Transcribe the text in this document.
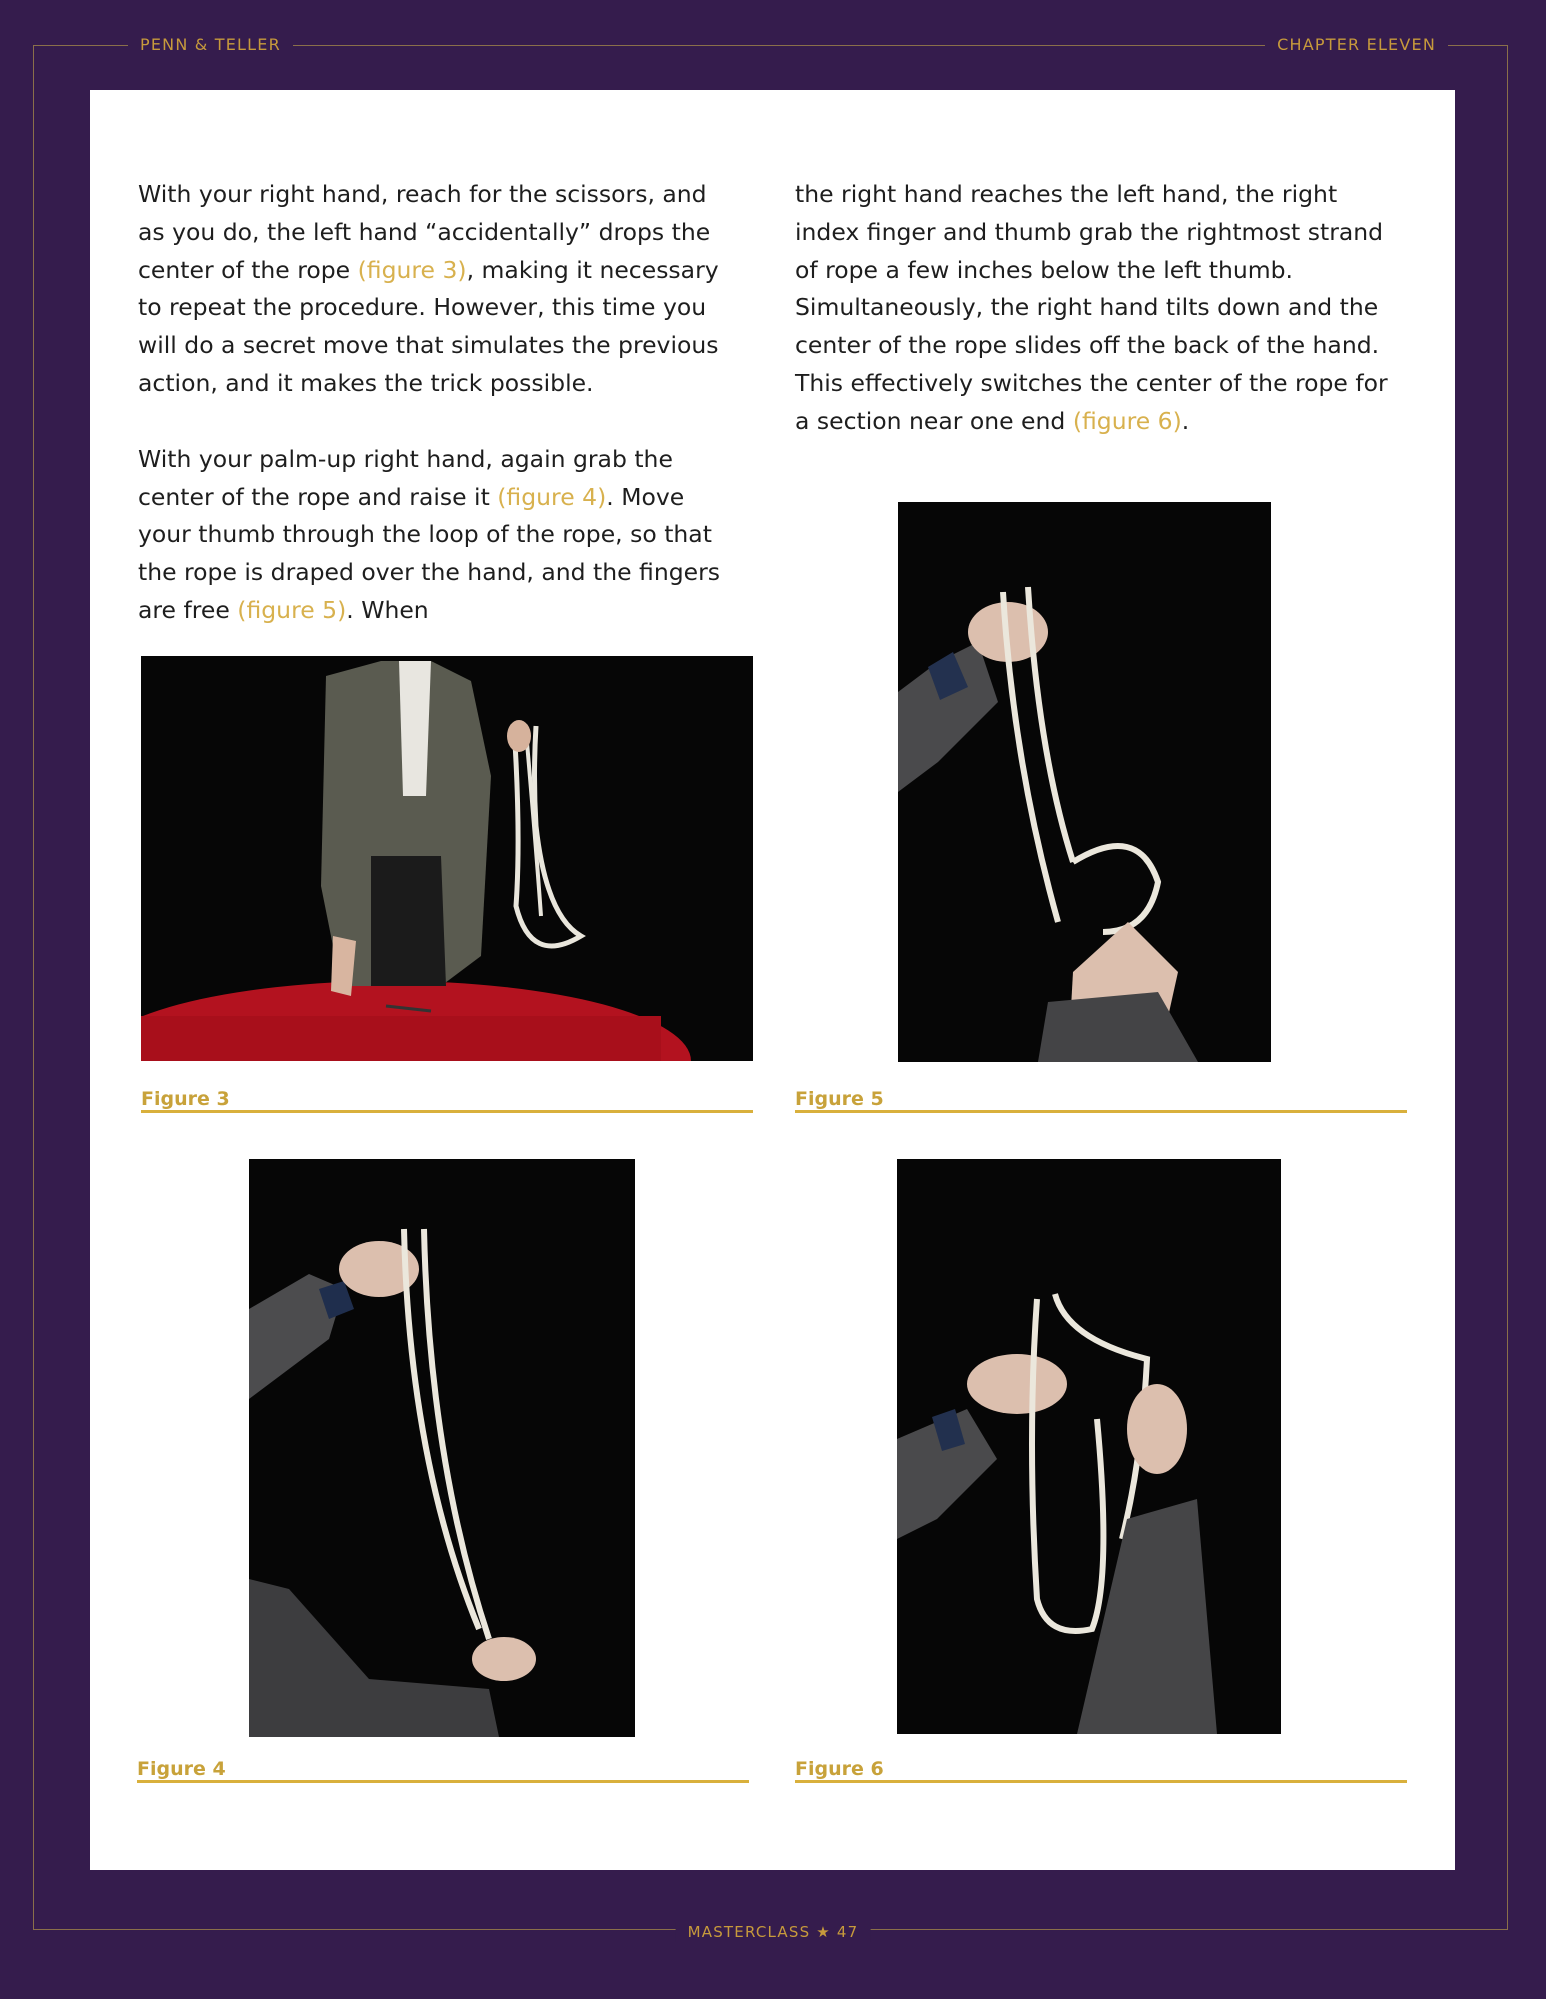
PENN & TELLER	CHAPTER ELEVEN

With your right hand, reach for the scissors, and as you do, the left hand “accidentally” drops the center of the rope (figure 3), making it necessary to repeat the procedure. However, this time you will do a secret move that simulates the previous action, and it makes the trick possible.

With your palm-up right hand, again grab the center of the rope and raise it (figure 4). Move your thumb through the loop of the rope, so that the rope is draped over the hand, and the fingers are free (figure 5). When

the right hand reaches the left hand, the right index finger and thumb grab the rightmost strand of rope a few inches below the left thumb. Simultaneously, the right hand tilts down and the center of the rope slides off the back of the hand. This effectively switches the center of the rope for a section near one end (figure 6).

Figure 3	Figure 5
Figure 4	Figure 6
MASTERCLASS ★ 47
